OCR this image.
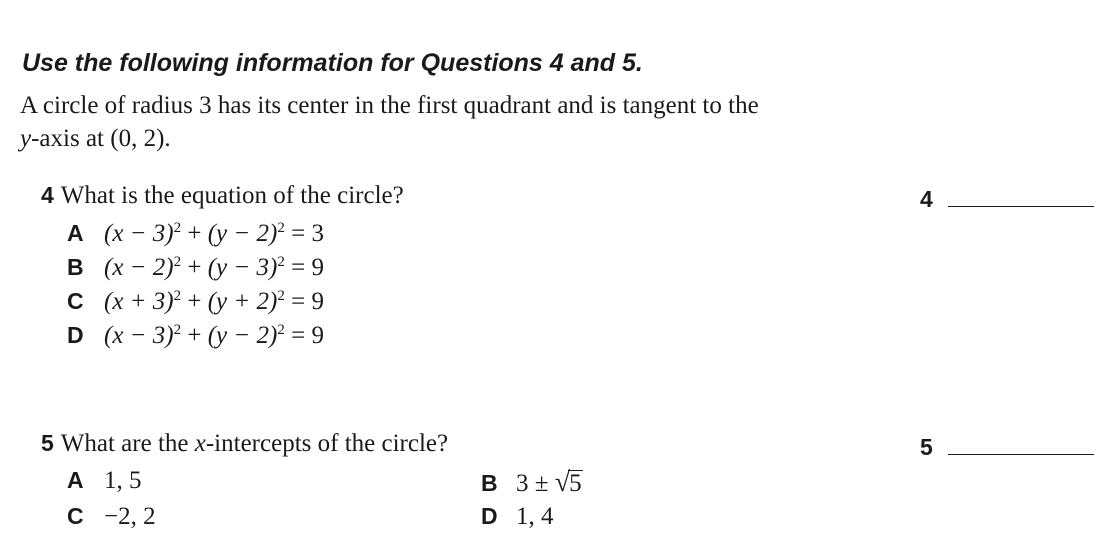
Use the following information for Questions 4 and 5.
A circle of radius 3 has its center in the first quadrant and is tangent to the
y-axis at (0, 2).
4 What is the equation of the circle?	4
A $(x - 3)^2 + (y - 2)^2 = 3$
B $(x - 2)^2 + (y - 3)^2 = 9$
C $(x + 3)^2 + (y + 2)^2 = 9$
D $(x - 3)^2 + (y - 2)^2 = 9$
5 What are the x-intercepts of the circle?	5
A 1, 5	B 3 ± √5
C −2, 2	D 1, 4
